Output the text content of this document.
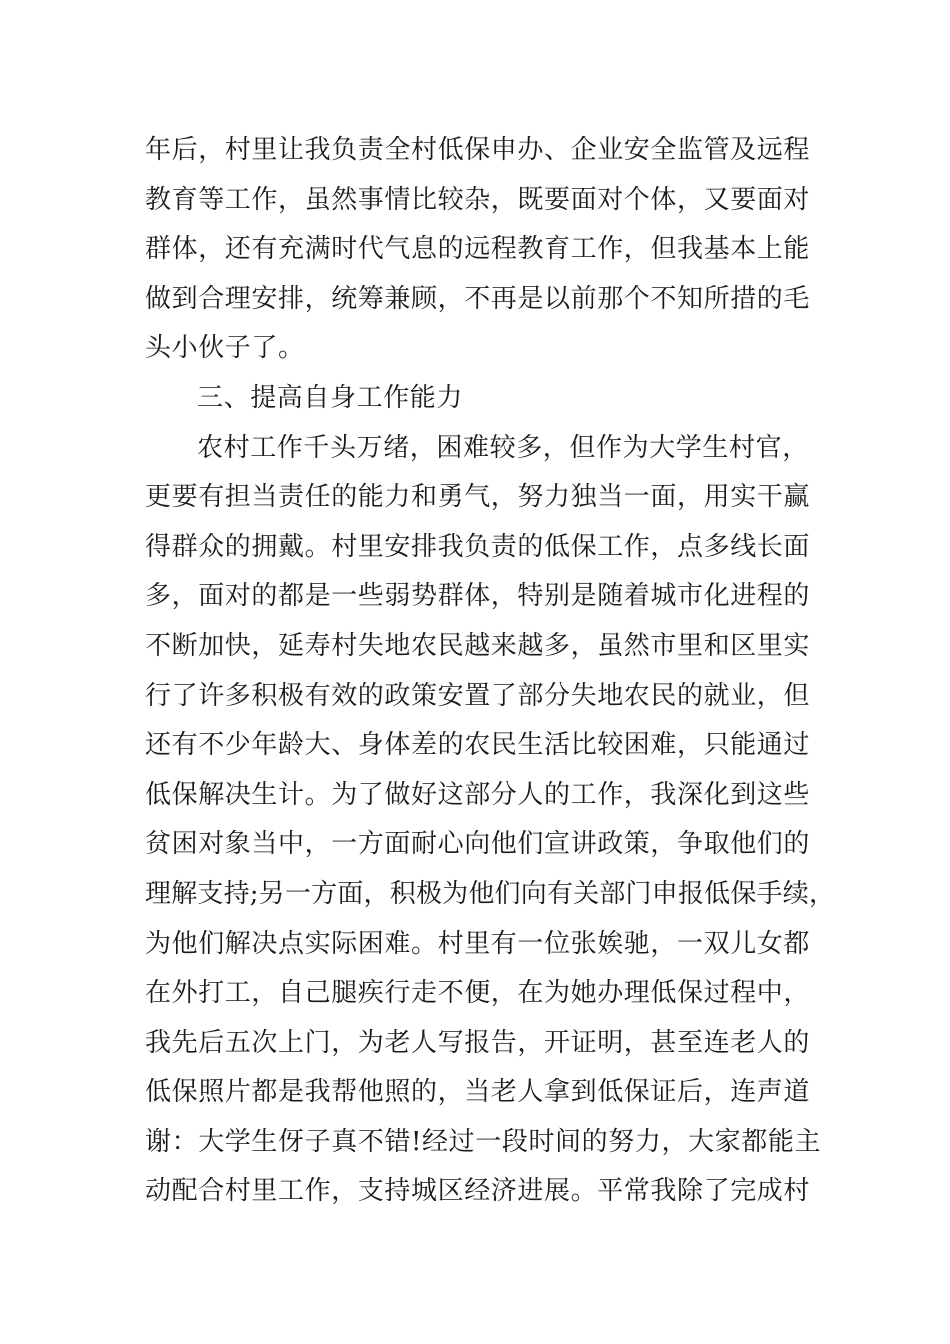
年后，村里让我负责全村低保申办、企业安全监管及远程
教育等工作，虽然事情比较杂，既要面对个体，又要面对
群体，还有充满时代气息的远程教育工作，但我基本上能
做到合理安排，统筹兼顾，不再是以前那个不知所措的毛
头小伙子了。
三、提高自身工作能力
农村工作千头万绪，困难较多，但作为大学生村官，
更要有担当责任的能力和勇气，努力独当一面，用实干赢
得群众的拥戴。村里安排我负责的低保工作，点多线长面
多，面对的都是一些弱势群体，特别是随着城市化进程的
不断加快，延寿村失地农民越来越多，虽然市里和区里实
行了许多积极有效的政策安置了部分失地农民的就业，但
还有不少年龄大、身体差的农民生活比较困难，只能通过
低保解决生计。为了做好这部分人的工作，我深化到这些
贫困对象当中，一方面耐心向他们宣讲政策，争取他们的
理解支持;另一方面，积极为他们向有关部门申报低保手续，
为他们解决点实际困难。村里有一位张娭驰，一双儿女都
在外打工，自己腿疾行走不便，在为她办理低保过程中，
我先后五次上门，为老人写报告，开证明，甚至连老人的
低保照片都是我帮他照的，当老人拿到低保证后，连声道
谢：大学生伢子真不错!经过一段时间的努力，大家都能主
动配合村里工作，支持城区经济进展。平常我除了完成村
